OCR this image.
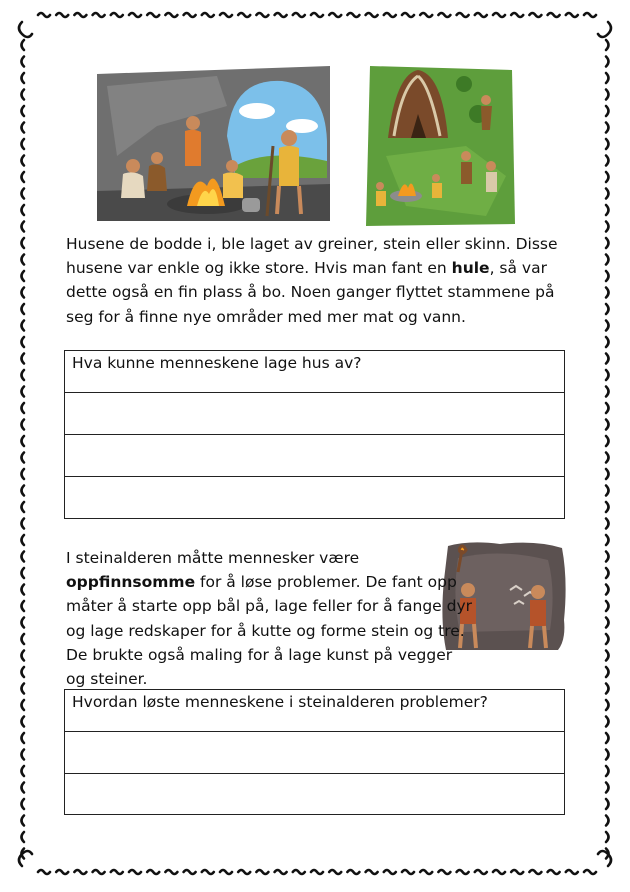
Husene de bodde i, ble laget av greiner, stein eller skinn. Disse husene var enkle og ikke store. Hvis man fant en hule, så var dette også en fin plass å bo. Noen ganger flyttet stammene på seg for å finne nye områder med mer mat og vann.

Hva kunne menneskene lage hus av?

I steinalderen måtte mennesker være oppfinnsomme for å løse problemer. De fant opp måter å starte opp bål på, lage feller for å fange dyr og lage redskaper for å kutte og forme stein og tre. De brukte også maling for å lage kunst på vegger og steiner.

Hvordan løste menneskene i steinalderen problemer?
